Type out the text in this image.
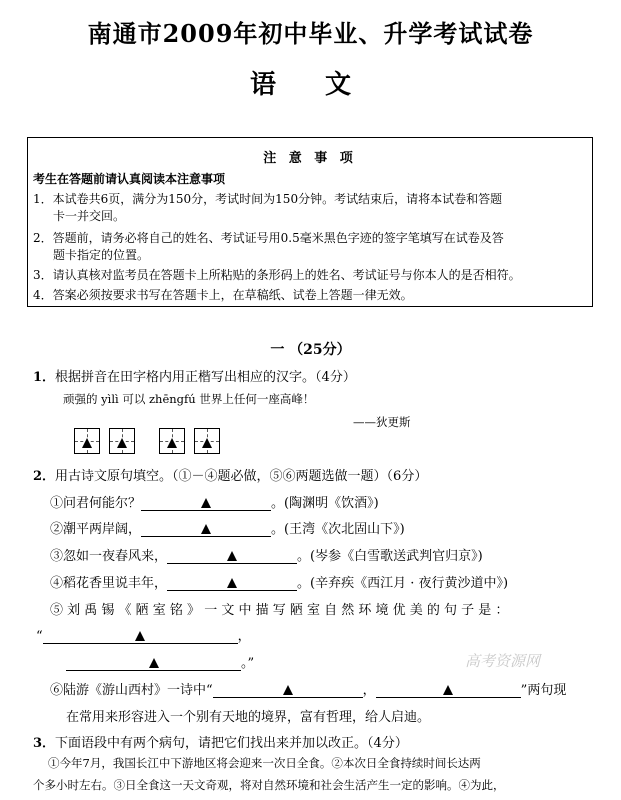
南通市2009年初中毕业、升学考试试卷
语 文
注 意 事 项
考生在答题前请认真阅读本注意事项
1．本试卷共6页，满分为150分，考试时间为150分钟。考试结束后，请将本试卷和答题
卡一并交回。
2．答题前，请务必将自己的姓名、考试证号用0.5毫米黑色字迹的签字笔填写在试卷及答
题卡指定的位置。
3．请认真核对监考员在答题卡上所粘贴的条形码上的姓名、考试证号与你本人的是否相符。
4．答案必须按要求书写在答题卡上，在草稿纸、试卷上答题一律无效。
一 （25分）
1．根据拼音在田字格内用正楷写出相应的汉字。（4分）
顽强的 yìlì 可以 zhēngfú 世界上任何一座高峰！
——狄更斯
2．用古诗文原句填空。（①－④题必做，⑤⑥两题选做一题）（6分）
①问君何能尔？	。(陶渊明《饮酒》)
②潮平两岸阔，	。(王湾《次北固山下》)
③忽如一夜春风来，	。(岑参《白雪歌送武判官归京》)
④稻花香里说丰年，	。(辛弃疾《西江月 · 夜行黄沙道中》)
⑤ 刘 禹 锡 《 陋 室 铭 》 一 文 中 描 写 陋 室 自 然 环 境 优 美 的 句 子 是 ：
“	，
。”	高考资源网
⑥陆游《游山西村》一诗中“	，	”两句现
在常用来形容进入一个别有天地的境界，富有哲理，给人启迪。
3．下面语段中有两个病句，请把它们找出来并加以改正。（4分）
①今年7月，我国长江中下游地区将会迎来一次日全食。②本次日全食持续时间长达两
个多小时左右。③日全食这一天文奇观，将对自然环境和社会生活产生一定的影响。④为此，
